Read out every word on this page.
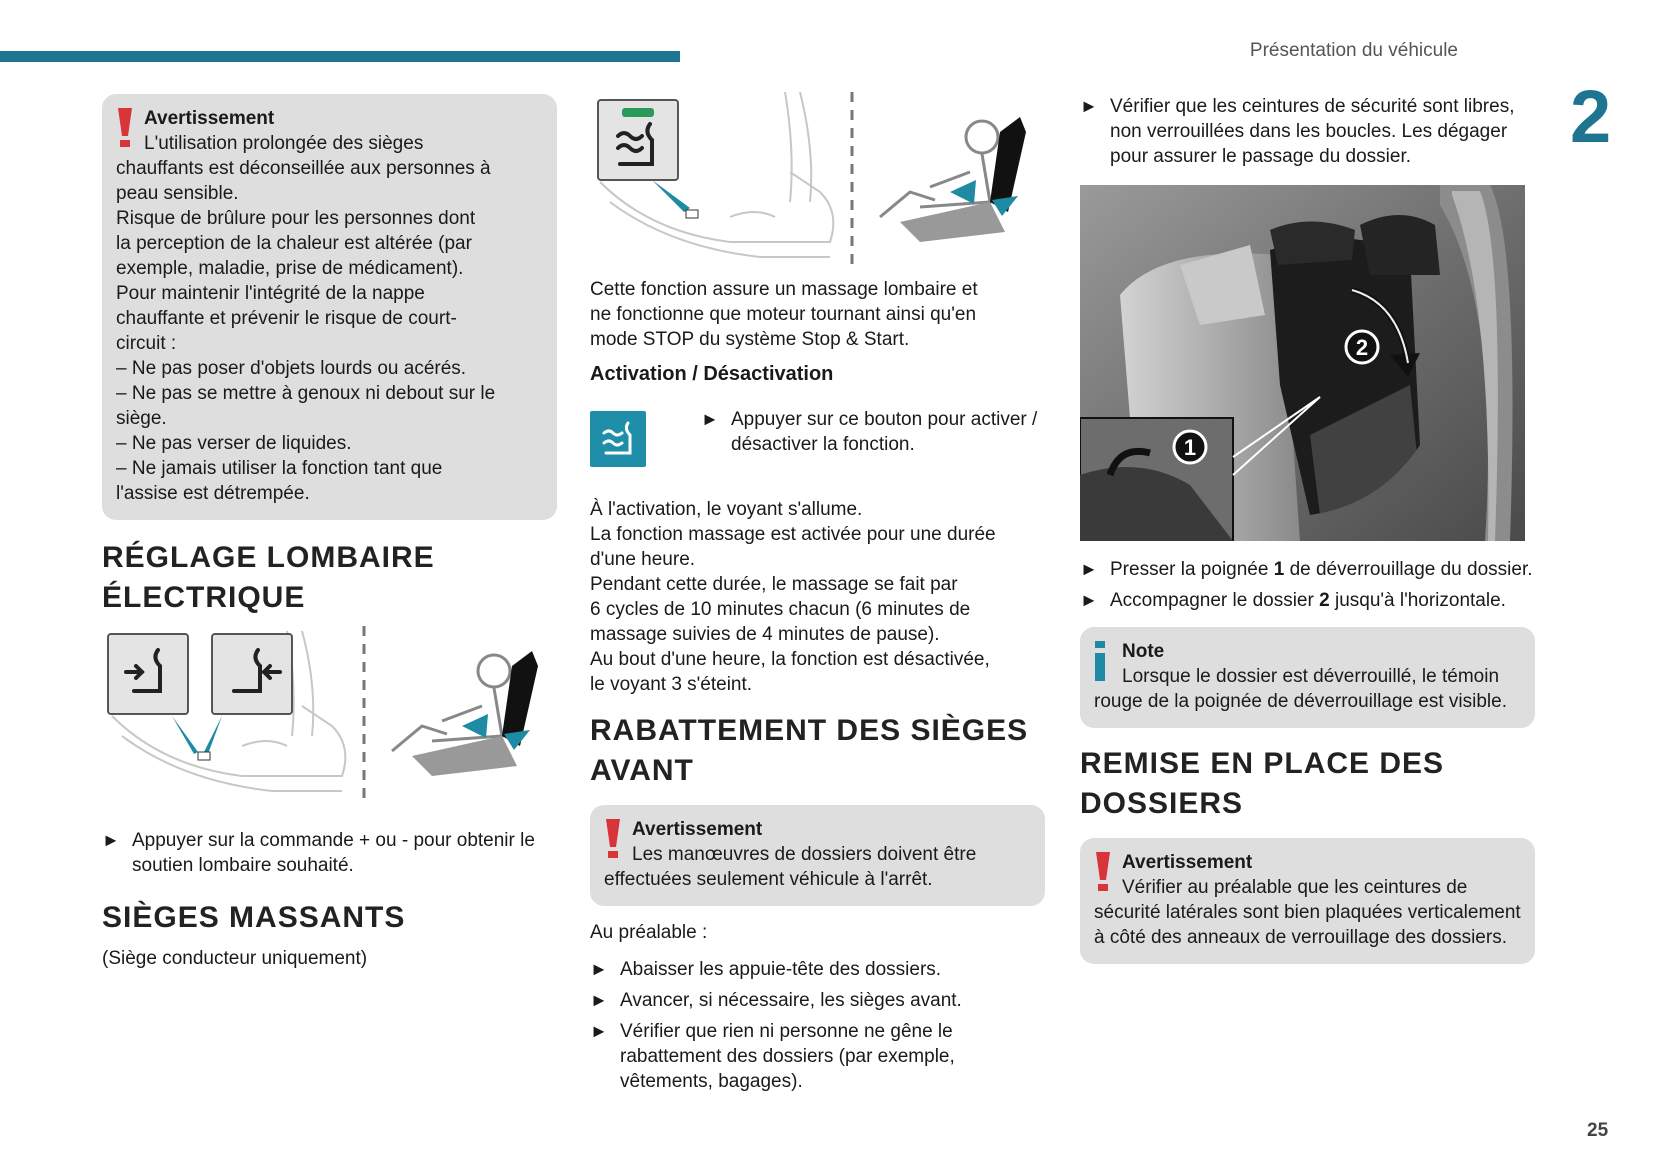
Présentation du véhicule
2
25
Avertissement
L'utilisation prolongée des sièges
chauffants est déconseillée aux personnes à
peau sensible.
Risque de brûlure pour les personnes dont
la perception de la chaleur est altérée (par
exemple, maladie, prise de médicament).
Pour maintenir l'intégrité de la nappe
chauffante et prévenir le risque de court-
circuit :
– Ne pas poser d'objets lourds ou acérés.
– Ne pas se mettre à genoux ni debout sur le
siège.
– Ne pas verser de liquides.
– Ne jamais utiliser la fonction tant que
l'assise est détrempée.
RÉGLAGE LOMBAIRE
ÉLECTRIQUE
► Appuyer sur la commande + ou - pour obtenir le soutien lombaire souhaité.
SIÈGES MASSANTS

(Siège conducteur uniquement)

Cette fonction assure un massage lombaire et

ne fonctionne que moteur tournant ainsi qu'en

mode STOP du système Stop & Start.

Activation / Désactivation
► Appuyer sur ce bouton pour activer / désactiver la fonction.

À l'activation, le voyant s'allume.

La fonction massage est activée pour une durée

d'une heure.

Pendant cette durée, le massage se fait par

6 cycles de 10 minutes chacun (6 minutes de

massage suivies de 4 minutes de pause).

Au bout d'une heure, la fonction est désactivée,

le voyant 3 s'éteint.

RABATTEMENT DES SIÈGES
AVANT
Avertissement
Les manœuvres de dossiers doivent être effectuées seulement véhicule à l'arrêt.

Au préalable :

► Abaisser les appuie-tête des dossiers.
► Avancer, si nécessaire, les sièges avant.
► Vérifier que rien ni personne ne gêne le rabattement des dossiers (par exemple, vêtements, bagages).
► Vérifier que les ceintures de sécurité sont libres, non verrouillées dans les boucles. Les dégager pour assurer le passage du dossier.
2
1
► Presser la poignée 1 de déverrouillage du dossier.
► Accompagner le dossier 2 jusqu'à l'horizontale.
Note
Lorsque le dossier est déverrouillé, le témoin rouge de la poignée de déverrouillage est visible.
REMISE EN PLACE DES
DOSSIERS
Avertissement
Vérifier au préalable que les ceintures de sécurité latérales sont bien plaquées verticalement à côté des anneaux de verrouillage des dossiers.
